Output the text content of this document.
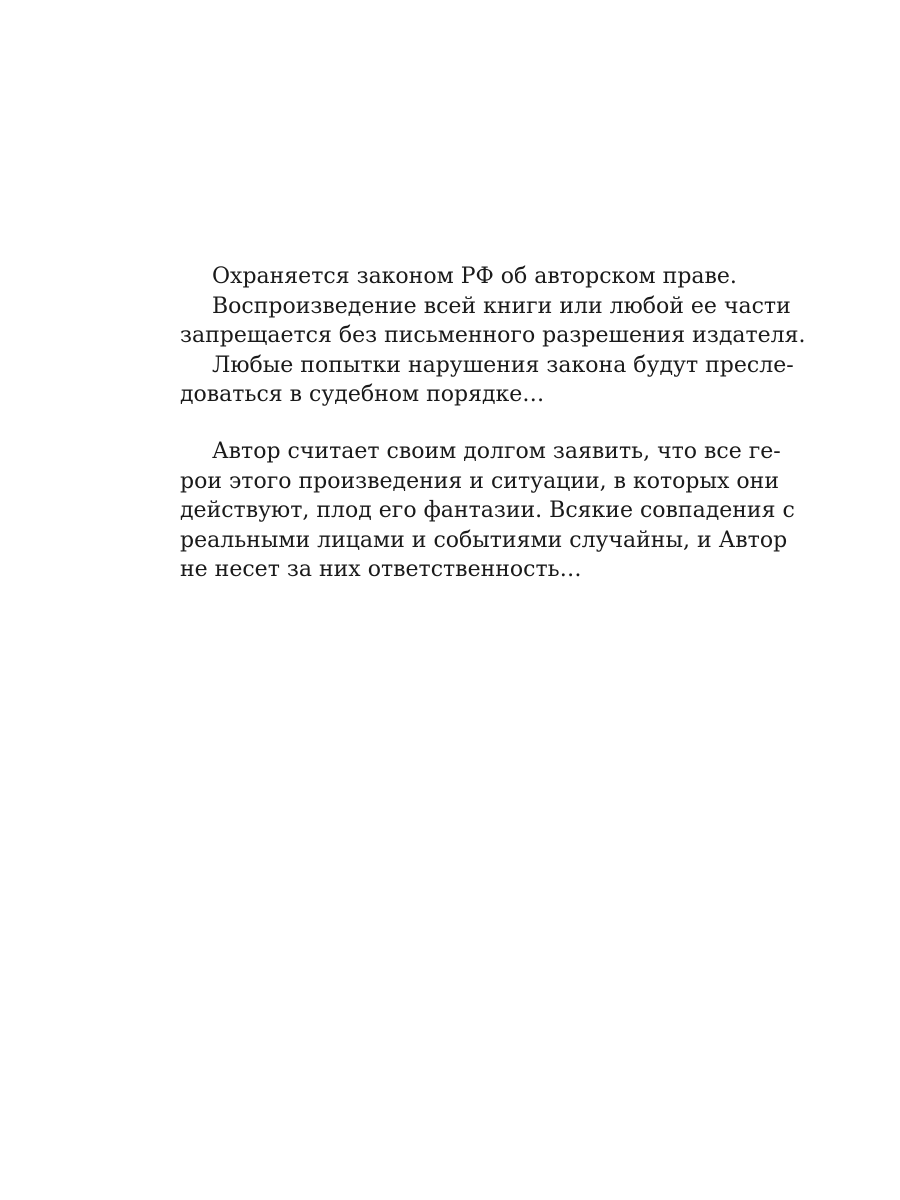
Охраняется законом РФ об авторском праве.
Воспроизведение всей книги или любой ее части
запрещается без письменного разрешения издателя.
Любые попытки нарушения закона будут пресле-
доваться в судебном порядке…
Автор считает своим долгом заявить, что все ге-
рои этого произведения и ситуации, в которых они
действуют, плод его фантазии. Всякие совпадения с
реальными лицами и событиями случайны, и Автор
не несет за них ответственность…
